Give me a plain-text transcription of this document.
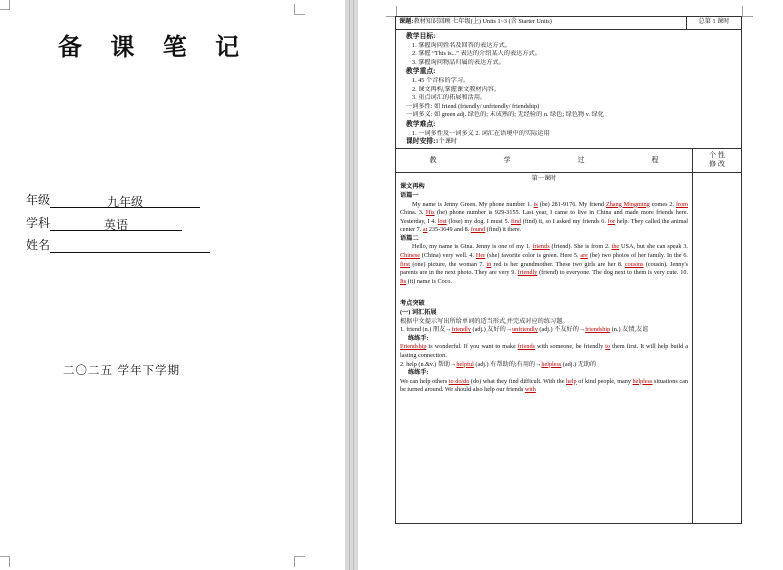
备 课 笔 记
年级	九年级
学科	英语
姓名
二〇二五 学年下学期
课题:教材知识回顾 七年级(上) Units 1~3 (含 Starter Units)	总第 1 课时
教学目标:
1. 掌握询问姓名及回答的表达方式。
2. 掌握 “This is...” 表达的介绍某人的表达方式。
3. 掌握询问物品归属的表达方式。
教学重点:
1. 45 个音标的学习。
2. 课文再构,掌握课文教材内容。
3. 重点词汇的拓展和活用。
一词多性: 如 friend (friendly/ unfriendly/ friendship)
一词多义: 如 green adj. 绿色的; 未成熟的; 无经验的 n. 绿色; 绿色物 v. 绿化
教学难点:
1. 一词多性及一词多义 2. 词汇在语境中的实际运用
课时安排:1个课时
教	学	过	程
个 性
修 改
第一课时
课文再构
语篇一
My name is Jenny Green. My phone number 1. is (be) 281-9176. My friend Zhang Mingming comes 2. from China. 3. His (he) phone number is 929-3155. Last year, I came to live in China and made more friends here. Yesterday, I 4. lost (lose) my dog. I must 5. find (find) it, so I asked my friends 6. for help. They called the animal center 7. at 235-3649 and 8. found (find) it there.
语篇二
Hello, my name is Gina. Jenny is one of my 1. friends (friend). She is from 2. the USA, but she can speak 3. Chinese (China) very well. 4. Her (she) favorite color is green. Here 5. are (be) two photos of her family. In the 6. first (one) picture, the woman 7. in red is her grandmother. These two girls are her 8. cousins (cousin). Jenny's parents are in the next photo. They are very 9. friendly (friend) to everyone. The dog next to them is very cute. 10. Its (it) name is Coco.
考点突破
(一) 词汇拓展
根据中文提示写出所给单词的适当形式,并完成对应的练习题。
1. friend (n.) 朋友→friendly (adj.) 友好的→unfriendly (adj.) 不友好的→friendship (n.) 友情,友谊
练练手:
Friendship is wonderful. If you want to make friends with someone, be friendly to them first. It will help build a lasting connection.
2. help (n.&v.) 帮助→helpful (adj.) 有帮助的;有用的→helpless (adj.) 无助的
练练手:
We can help others to do/do (do) what they find difficult. With the help of kind people, many helpless situations can be turned around. We should also help our friends with
